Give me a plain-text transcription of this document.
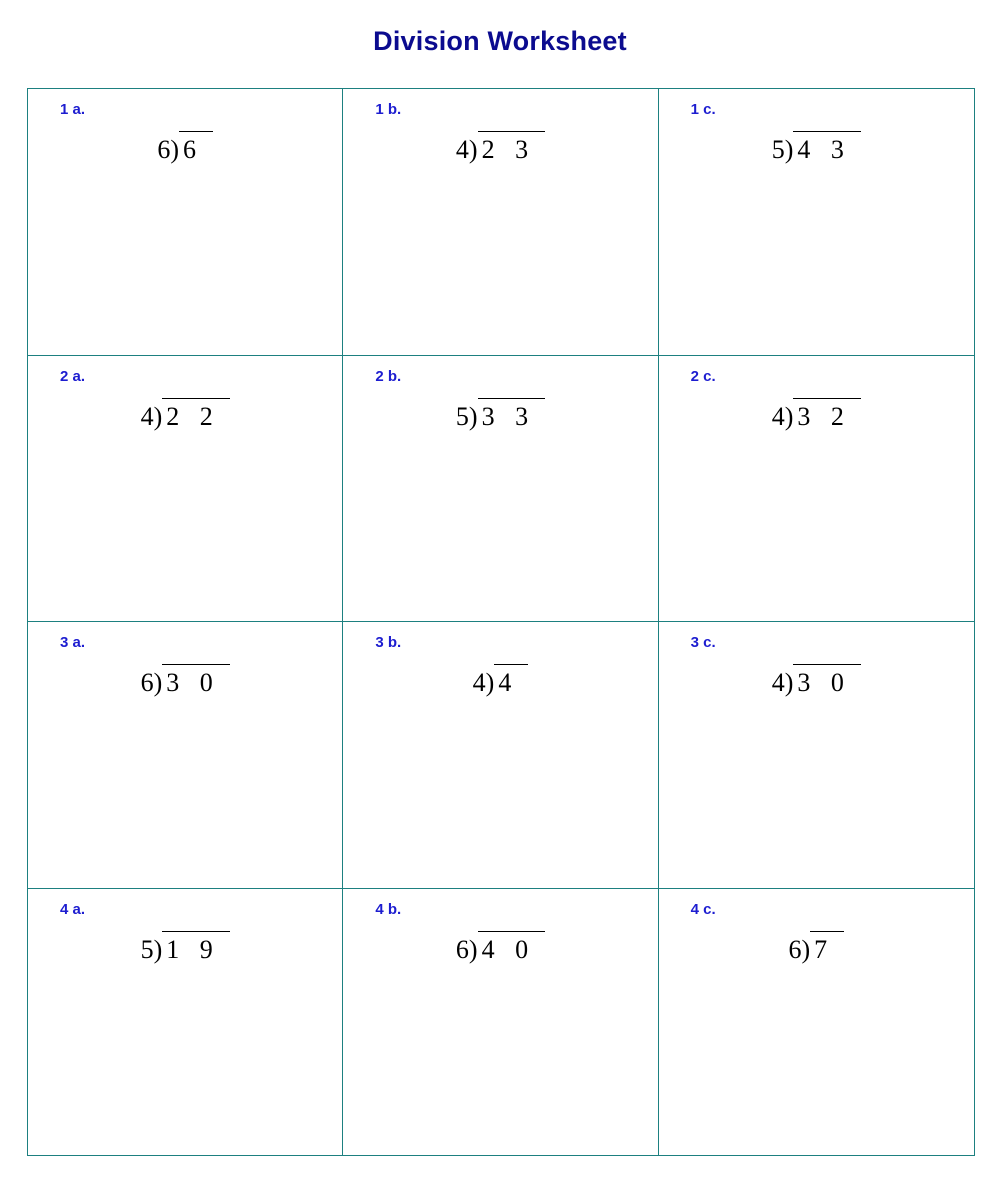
Division Worksheet
1 a.
6 ) 6
1 b.
4 ) 2 3
1 c.
5 ) 4 3
2 a.
4 ) 2 2
2 b.
5 ) 3 3
2 c.
4 ) 3 2
3 a.
6 ) 3 0
3 b.
4 ) 4
3 c.
4 ) 3 0
4 a.
5 ) 1 9
4 b.
6 ) 4 0
4 c.
6 ) 7
